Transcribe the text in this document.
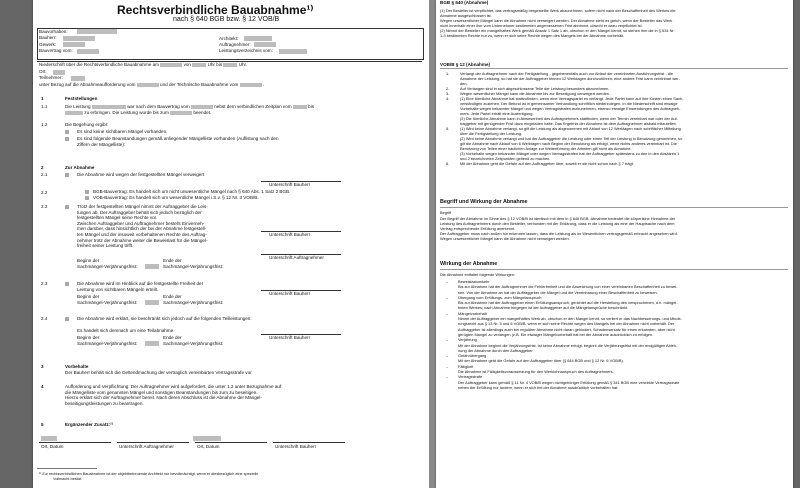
Rechtsverbindliche Bauabnahme¹⁾
nach § 640 BGB bzw. § 12 VOB/B
Bauvorhaben:
Bauherr:	Architekt:
Gewerk:	Auftragnehmer:
Bauvertrag vom:	Leistungsverzeichnis vom:
Niederschrift über die Rechtsverbindliche Bauabnahme am	von	Uhr bis	Uhr.
Ort:
Teilnehmer:
unter Bezug auf die Abnahmeaufforderung vom	und der Technische Bauabnahme vom	.
1	Feststellungen
1.1	Die Leistung	war nach dem Bauvertrag vom	nebst dem verbindlichen Zeitplan vom	bis
zu erbringen. Die Leistung wurde bis zum	beendet.
1.2	Die Begehung ergibt:
Es sind keine sichtbaren Mängel vorhanden.
Es sind folgende Beanstandungen gemäß anliegender Mängelliste vorhanden (Auflistung nach den
Ziffern der Mängelliste):
2	Zur Abnahme
2.1	Die Abnahme wird wegen der festgestellten Mängel verweigert
Unterschrift Bauherr
2.2	BGB-Bauvertrag: Es handelt sich um nicht unwesentliche Mängel nach § 640 Abs. 1 Satz 2 BGB.
VOB-Bauvertrag: Es handelt sich um wesentliche Mängel i.S.v. § 12 Nr. 3 VOB/B.
2.2	Trotz der festgestellten Mängel nimmt der Auftraggeber die Leis-
tungen ab. Der Auftraggeber behält sich jedoch bezüglich der
festgestellten Mängel seine Rechte vor.
Zwischen Auftraggeber und Auftragnehmer besteht Einverneh-
men darüber, dass hinsichtlich der bei der Abnahme festgestell-
ten Mängel und der insoweit vorbehaltenen Rechte des Auftrag-
nehmer trotz der Abnahme weiter die Beweislast für die Mängel-
freiheit seiner Leistung trifft.
Unterschrift Bauherr
Unterschrift Auftragnehmer
Beginn der
Sachmängel-Verjährungsfrist:
Ende der
Sachmängel-Verjährungsfrist:
2.3	Die Abnahme wird im Hinblick auf die festgestellte Freiheit der
Leistung von sichtbaren Mängeln erteilt.
Unterschrift Bauherr
Beginn der
Sachmängel-Verjährungsfrist:
Ende der
Sachmängel-Verjährungsfrist:
2.4	Die Abnahme wird erklärt, sie beschränkt sich jedoch auf die folgenden Teilleistungen:
Es handelt sich demnach um eine Teilabnahme.
Unterschrift Bauherr
Beginn der
Sachmängel-Verjährungsfrist:
Ende der
Sachmängel-Verjährungsfrist:
3	Vorbehalte
Der Bauherr behält sich die Geltendmachung der vertraglich vereinbarten Vertragsstrafe vor.
4	Aufforderung und Verpflichtung: Der Auftragnehmer wird aufgefordert, die unter 1.2 unter Bezugnahme auf
die Mängelliste vom genannten Mängel und sonstigen Beanstandungen bis zum zu beseitigen.
Hierzu erklärt sich der Auftragnehmer bereit. Nach deren Abschluss ist die Abnahme der Mängel-
beseitigungsleistungen zu beantragen.
5	Ergänzender Zusatz:²⁾
Ort, Datum	Unterschrift Auftragnehmer	Ort, Datum	Unterschrift Bauherr
¹⁾ Zur rechtsverbindlichen Bauabnahme ist der objektbetreuende Architekt nur bevollmächtigt, wenn er diesbezüglich eine spezielle
Vollmacht besitzt.
BGB § 640 (Abnahme)
(1) Der Besteller ist verpflichtet, das vertragsmäßig hergestellte Werk abzunehmen, sofern nicht nach der Beschaffenheit des Werkes die
Abnahme ausgeschlossen ist.
Wegen unwesentlicher Mängel kann die Abnahme nicht verweigert werden. Der Abnahme steht es gleich, wenn der Besteller das Werk
nicht innerhalb einer ihm vom Unternehmer bestimmten angemessenen Frist abnimmt, obwohl er dazu verpflichtet ist.
(2) Nimmt der Besteller ein mangelhaftes Werk gemäß Absatz 1 Satz 1 ab, obschon er den Mangel kennt, so stehen ihm die in § 634 Nr.
1-3 bestimmten Rechte nur zu, wenn er sich seine Rechte wegen des Mangels bei der Abnahme vorbehält.
VOB/B § 12 (Abnahme)
1.	Verlangt der Auftragnehmer nach der Fertigstellung - gegebenenfalls auch vor Ablauf der vereinbarten Ausführungsfrist - die
Abnahme der Leistung, so hat sie der Auftraggeber binnen 12 Werktagen durchzuführen; eine andere Frist kann vereinbart wer-
den.
2.	Auf Verlangen sind in sich abgeschlossene Teile der Leistung besonders abzunehmen.
3.	Wegen wesentlicher Mängel kann die Abnahme bis zur Beseitigung verweigert werden.
4.	(1) Eine förmliche Abnahme hat stattzufinden, wenn eine Vertragspartei es verlangt. Jede Partei kann auf ihre Kosten einen Sach-
verständigen zuziehen. Der Befund ist in gemeinsamer Verhandlung schriftlich niederzulegen. In die Niederschrift sind etwaige
Vorbehalte wegen bekannter Mängel und wegen Vertragsstrafen aufzunehmen, ebenso etwaige Einwendungen des Auftragneh-
mers. Jede Partei erhält eine Ausfertigung.
(2) Die förmliche Abnahme kann in Abwesenheit des Auftragnehmers stattfinden, wenn der Termin vereinbart war oder der Auf-
traggeber mit genügender Frist dazu eingeladen hatte. Das Ergebnis der Abnahme ist dem Auftragnehmer alsbald mitzuteilen.
5.	(1) Wird keine Abnahme verlangt, so gilt die Leistung als abgenommen mit Ablauf von 12 Werktagen nach schriftlicher Mitteilung
über die Fertigstellung der Leistung.
(2) Wird keine Abnahme verlangt und hat der Auftraggeber die Leistung oder einen Teil der Leistung in Benutzung genommen, so
gilt die Abnahme nach Ablauf von 6 Werktagen nach Beginn der Benutzung als erfolgt, wenn nichts anderes vereinbart ist. Die
Benutzung von Teilen einer baulichen Anlage zur Weiterführung der Arbeiten gilt nicht als Abnahme.
(3) Vorbehalte wegen bekannter Mängel oder wegen Vertragsstrafen hat der Auftraggeber spätestens zu den in den Absätzen 1
und 2 bezeichneten Zeitpunkten geltend zu machen.
6.	Mit der Abnahme geht die Gefahr auf den Auftraggeber über, soweit er sie nicht schon nach § 7 trägt.
Begriff und Wirkung der Abnahme
Begriff
Der Begriff der Abnahme im Sinne des § 12 VOB/B ist identisch mit dem in § 640 BGB. Abnahme bedeutet die körperliche Hinnahme der
Leistung des Auftragnehmers durch den Besteller, verbunden mit der Erklärung, dass er die Leistung als eine der Hauptsache nach dem
Vertrag entsprechende Erfüllung anerkennt.
Der Auftraggeber muss nach außen hin erkennen lassen, dass die Leistung als im Wesentlichen vertragsgemäß erbracht angesehen wird.
Wegen unwesentlicher Mängel kann die Abnahme nicht verweigert werden.
Wirkung der Abnahme
Die Abnahme entfaltet folgende Wirkungen:
–	Beweislastumkehr
Bis zur Abnahme hat der Auftragnehmer die Fehlerfreiheit und die Abweichung von einer vereinbarten Beschaffenheit zu bewei-
sen. Von der Abnahme an hat der Auftraggeber die Mängel und die Vereinbarung einer Beschaffenheit zu beweisen.
–	Übergang vom Erfüllungs- zum Mängelanspruch
Bis zur Abnahme hat der Auftraggeber einen Erfüllungsanspruch, gerichtet auf die Herstellung des versprochenen, d.h. mängel-
freien Werkes; nach Abnahme hingegen ist der Auftraggeber auf die Mängelansprüche beschränkt.
–	Mängelvorbehalt
Nimmt der Auftraggeber ein mangelhaftes Werk ab, obschon er den Mangel kennt, so verliert er das Nachbesserungs- und Minde-
rungsrecht aus § 13 Nr. 5 und 6 VOB/B, wenn er sich seine Rechte wegen des Mangels bei der Abnahme nicht vorbehält. Der
Auftraggeber ist allerdings auch bei regulärer Abnahme nicht daran gehindert, Schadensersatz für einen erkannten, aber nicht
gerügten Mangel zu verlangen (z.B. Ein etwaiger Mängelvorbehalt hat bei der Abnahme ausdrücklich zu erfolgen.
–	Verjährung
Mit der Abnahme beginnt die Verjährungsfrist. Ist keine Abnahme erfolgt, beginnt die Verjährungsfrist mit der endgültigen Ableh-
nung der Abnahme durch den Auftraggeber.
–	Gefahrübergang
Mit der Abnahme geht die Gefahr auf den Auftraggeber über (§ 644 BGB und § 12 Nr. 6 VOB/B).
–	Fälligkeit
Die Abnahme ist Fälligkeitsvoraussetzung für den Werklohnanspruch des Auftragnehmers.
–	Vertragsstrafe
Der Auftraggeber kann gemäß § 11 Nr. 4 VOB/B wegen nichtgehöriger Erfüllung gemäß § 341 BGB eine verwirkte Vertragsstrafe
neben der Erfüllung nur fordern, wenn er sich bei der Abnahme ausdrücklich vorbehalten hat.
